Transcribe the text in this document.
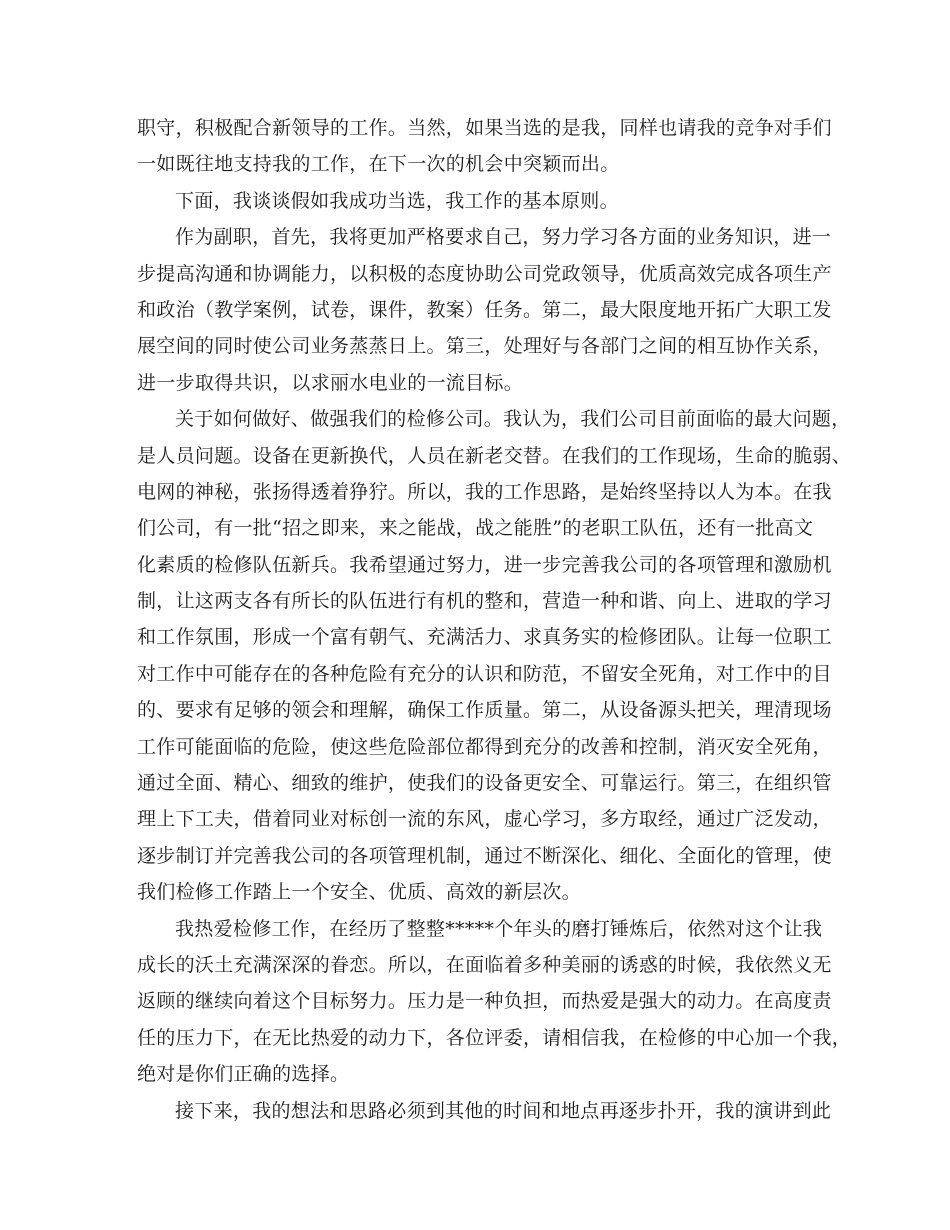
职守，积极配合新领导的工作。当然，如果当选的是我，同样也请我的竞争对手们
一如既往地支持我的工作，在下一次的机会中突颖而出。
下面，我谈谈假如我成功当选，我工作的基本原则。
作为副职，首先，我将更加严格要求自己，努力学习各方面的业务知识，进一
步提高沟通和协调能力，以积极的态度协助公司党政领导，优质高效完成各项生产
和政治（教学案例，试卷，课件，教案）任务。第二，最大限度地开拓广大职工发
展空间的同时使公司业务蒸蒸日上。第三，处理好与各部门之间的相互协作关系，
进一步取得共识，以求丽水电业的一流目标。
关于如何做好、做强我们的检修公司。我认为，我们公司目前面临的最大问题，
是人员问题。设备在更新换代，人员在新老交替。在我们的工作现场，生命的脆弱、
电网的神秘，张扬得透着狰狞。所以，我的工作思路，是始终坚持以人为本。在我
们公司，有一批“招之即来，来之能战，战之能胜”的老职工队伍，还有一批高文
化素质的检修队伍新兵。我希望通过努力，进一步完善我公司的各项管理和激励机
制，让这两支各有所长的队伍进行有机的整和，营造一种和谐、向上、进取的学习
和工作氛围，形成一个富有朝气、充满活力、求真务实的检修团队。让每一位职工
对工作中可能存在的各种危险有充分的认识和防范，不留安全死角，对工作中的目
的、要求有足够的领会和理解，确保工作质量。第二，从设备源头把关，理清现场
工作可能面临的危险，使这些危险部位都得到充分的改善和控制，消灭安全死角，
通过全面、精心、细致的维护，使我们的设备更安全、可靠运行。第三，在组织管
理上下工夫，借着同业对标创一流的东风，虚心学习，多方取经，通过广泛发动，
逐步制订并完善我公司的各项管理机制，通过不断深化、细化、全面化的管理，使
我们检修工作踏上一个安全、优质、高效的新层次。
我热爱检修工作，在经历了整整*****个年头的磨打锤炼后，依然对这个让我
成长的沃土充满深深的眷恋。所以，在面临着多种美丽的诱惑的时候，我依然义无
返顾的继续向着这个目标努力。压力是一种负担，而热爱是强大的动力。在高度责
任的压力下，在无比热爱的动力下，各位评委，请相信我，在检修的中心加一个我，
绝对是你们正确的选择。
接下来，我的想法和思路必须到其他的时间和地点再逐步扑开，我的演讲到此
